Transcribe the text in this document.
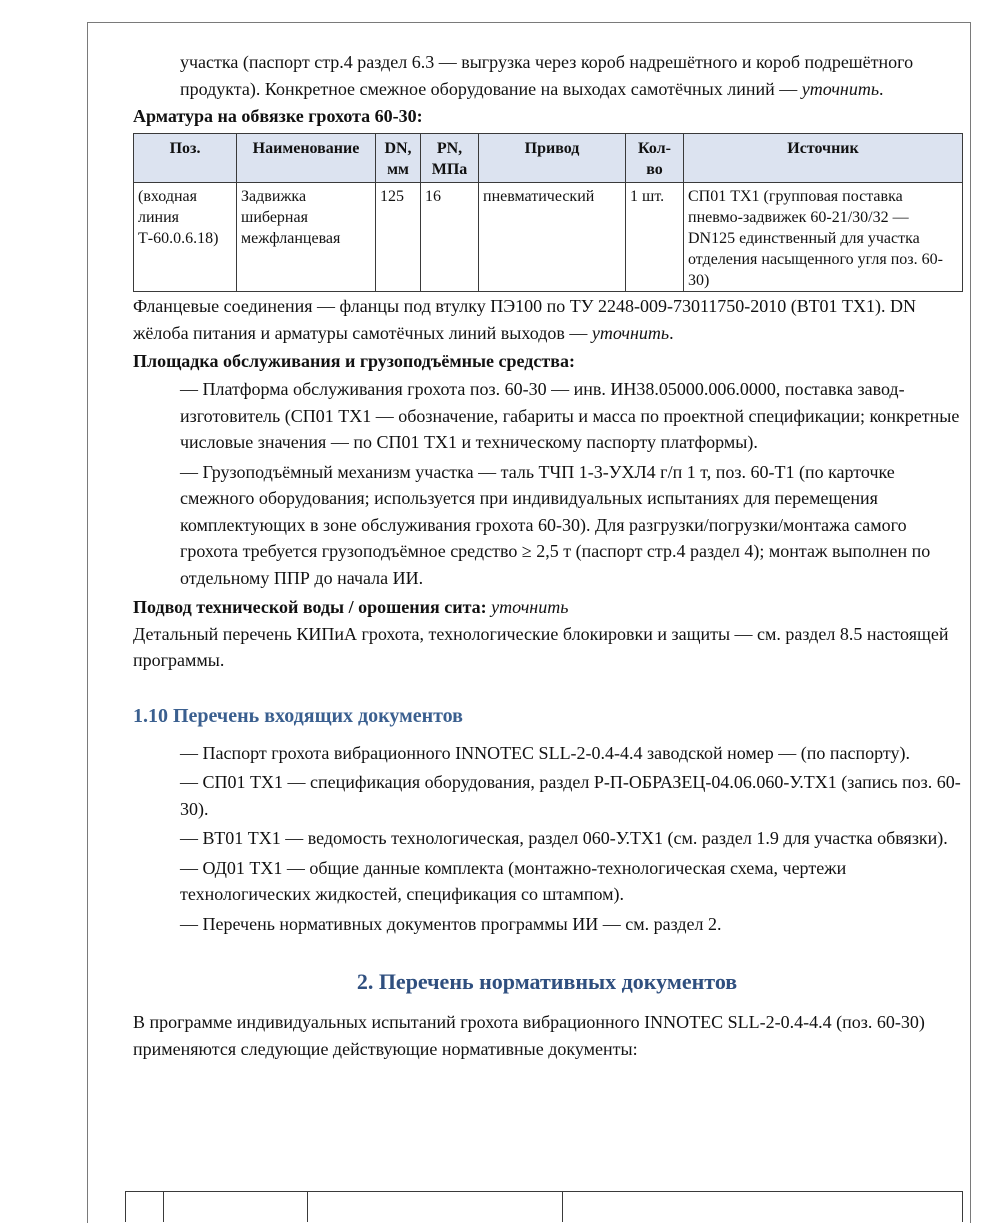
участка (паспорт стр.4 раздел 6.3 — выгрузка через короб надрешётного и короб подрешётного продукта). Конкретное смежное оборудование на выходах самотёчных линий — уточнить.

Арматура на обвязке грохота 60-30:

Поз.	Наименование	DN, мм	PN, МПа	Привод	Кол-во	Источник
(входная линия Т-60.0.6.18)	Задвижка шиберная межфланцевая	125	16	пневматический	1 шт.	СП01 ТХ1 (групповая поставка пневмо-задвижек 60-21/30/32 — DN125 единственный для участка отделения насыщенного угля поз. 60-30)

Фланцевые соединения — фланцы под втулку ПЭ100 по ТУ 2248-009-73011750-2010 (ВТ01 ТХ1). DN жёлоба питания и арматуры самотёчных линий выходов — уточнить.

Площадка обслуживания и грузоподъёмные средства:

— Платформа обслуживания грохота поз. 60-30 — инв. ИН38.05000.006.0000, поставка завод-изготовитель (СП01 ТХ1 — обозначение, габариты и масса по проектной спецификации; конкретные числовые значения — по СП01 ТХ1 и техническому паспорту платформы).

— Грузоподъёмный механизм участка — таль ТЧП 1-3-УХЛ4 г/п 1 т, поз. 60-Т1 (по карточке смежного оборудования; используется при индивидуальных испытаниях для перемещения комплектующих в зоне обслуживания грохота 60-30). Для разгрузки/погрузки/монтажа самого грохота требуется грузоподъёмное средство ≥ 2,5 т (паспорт стр.4 раздел 4); монтаж выполнен по отдельному ППР до начала ИИ.

Подвод технической воды / орошения сита: уточнить

Детальный перечень КИПиА грохота, технологические блокировки и защиты — см. раздел 8.5 настоящей программы.

1.10 Перечень входящих документов

— Паспорт грохота вибрационного INNOTEC SLL-2-0.4-4.4 заводской номер — (по паспорту).

— СП01 ТХ1 — спецификация оборудования, раздел Р-П-ОБРАЗЕЦ-04.06.060-У.ТХ1 (запись поз. 60-30).

— ВТ01 ТХ1 — ведомость технологическая, раздел 060-У.ТХ1 (см. раздел 1.9 для участка обвязки).

— ОД01 ТХ1 — общие данные комплекта (монтажно-технологическая схема, чертежи технологических жидкостей, спецификация со штампом).

— Перечень нормативных документов программы ИИ — см. раздел 2.

2. Перечень нормативных документов

В программе индивидуальных испытаний грохота вибрационного INNOTEC SLL-2-0.4-4.4 (поз. 60-30) применяются следующие действующие нормативные документы:
